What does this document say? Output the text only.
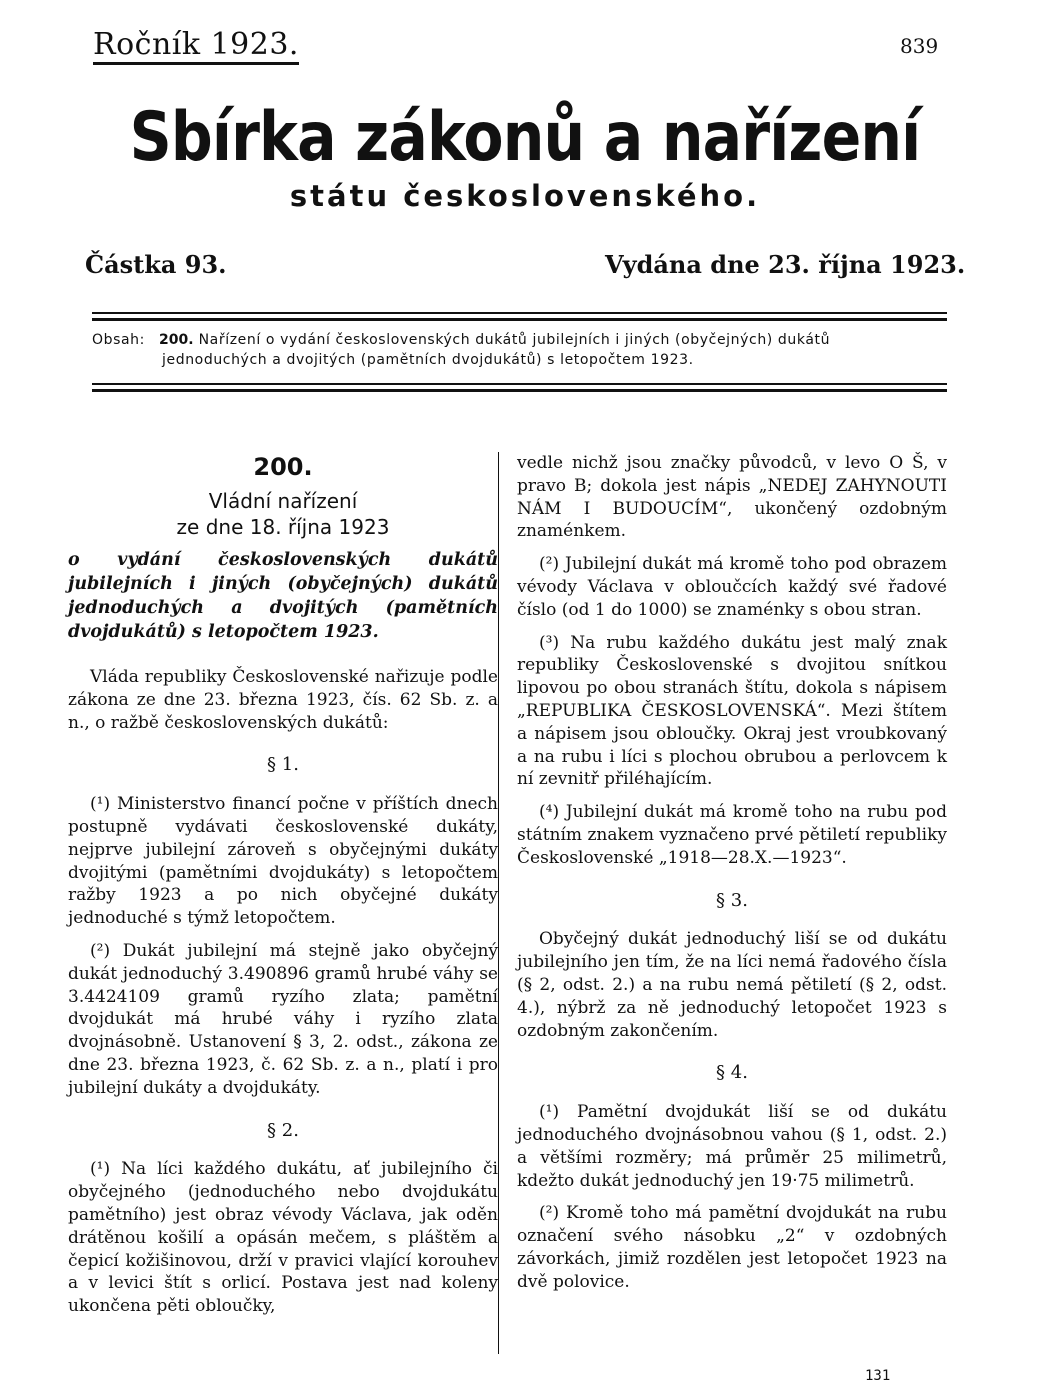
Ročník 1923.	839
Sbírka zákonů a nařízení
státu československého.
Částka 93.	Vydána dne 23. října 1923.
Obsah: 200. Nařízení o vydání československých dukátů jubilejních i jiných (obyčejných) dukátů
jednoduchých a dvojitých (pamětních dvojdukátů) s letopočtem 1923.
200.
Vládní nařízení
ze dne 18. října 1923

o vydání československých dukátů jubilejních i jiných (obyčejných) dukátů jednoduchých a dvojitých (pamětních dvojdukátů) s letopočtem 1923.

Vláda republiky Československé nařizuje podle zákona ze dne 23. března 1923, čís. 62 Sb. z. a n., o ražbě československých dukátů:

§ 1.

(¹) Ministerstvo financí počne v příštích dnech postupně vydávati československé dukáty, nejprve jubilejní zároveň s obyčejnými dukáty dvojitými (pamětními dvojdukáty) s letopočtem ražby 1923 a po nich obyčejné dukáty jednoduché s týmž letopočtem.

(²) Dukát jubilejní má stejně jako obyčejný dukát jednoduchý 3.490896 gramů hrubé váhy se 3.4424109 gramů ryzího zlata; pamětní dvojdukát má hrubé váhy i ryzího zlata dvojnásobně. Ustanovení § 3, 2. odst., zákona ze dne 23. března 1923, č. 62 Sb. z. a n., platí i pro jubilejní dukáty a dvojdukáty.

§ 2.

(¹) Na líci každého dukátu, ať jubilejního či obyčejného (jednoduchého nebo dvojdukátu pamětního) jest obraz vévody Václava, jak oděn drátěnou košilí a opásán mečem, s pláštěm a čepicí kožišinovou, drží v pravici vlající korouhev a v levici štít s orlicí. Postava jest nad koleny ukončena pěti obloučky,

vedle nichž jsou značky původců, v levo O Š, v pravo B; dokola jest nápis „NEDEJ ZAHYNOUTI NÁM I BUDOUCÍM“, ukončený ozdobným znaménkem.

(²) Jubilejní dukát má kromě toho pod obrazem vévody Václava v obloučcích každý své řadové číslo (od 1 do 1000) se znaménky s obou stran.

(³) Na rubu každého dukátu jest malý znak republiky Československé s dvojitou snítkou lipovou po obou stranách štítu, dokola s nápisem „REPUBLIKA ČESKOSLOVENSKÁ“. Mezi štítem a nápisem jsou oblоučky. Okraj jest vroubkovaný a na rubu i líci s plochou obrubou a perlovcem k ní zevnitř přiléhajícím.

(⁴) Jubilejní dukát má kromě toho na rubu pod státním znakem vyznačeno prvé pětiletí republiky Československé „1918—28.X.—1923“.

§ 3.

Obyčejný dukát jednoduchý liší se od dukátu jubilejního jen tím, že na líci nemá řadového čísla (§ 2, odst. 2.) a na rubu nemá pětiletí (§ 2, odst. 4.), nýbrž za ně jednoduchý letopočet 1923 s ozdobným zakončením.

§ 4.

(¹) Pamětní dvojdukát liší se od dukátu jednoduchého dvojnásobnou vahou (§ 1, odst. 2.) a většími rozměry; má průměr 25 milimetrů, kdežto dukát jednoduchý jen 19·75 milimetrů.

(²) Kromě toho má pamětní dvojdukát na rubu označení svého násobku „2“ v ozdobných závorkách, jimiž rozdělen jest letopočet 1923 na dvě polovice.

131
